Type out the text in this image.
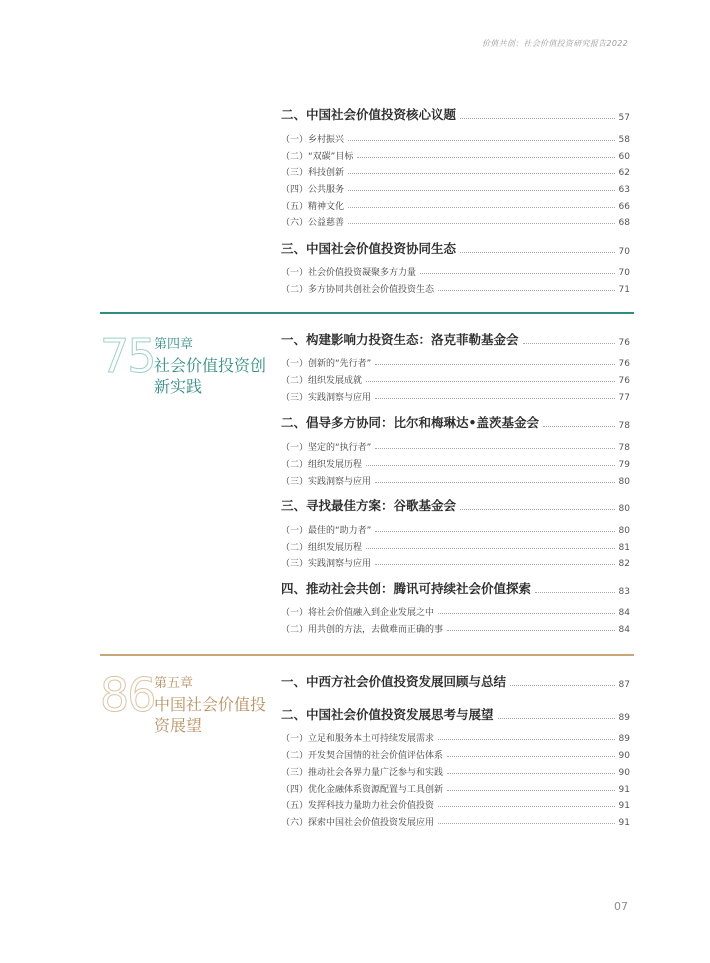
价值共创：社会价值投资研究报告2022
二、中国社会价值投资核心议题	57
（一）乡村振兴	58
（二）“双碳”目标	60
（三）科技创新	62
（四）公共服务	63
（五）精神文化	66
（六）公益慈善	68
三、中国社会价值投资协同生态	70
（一）社会价值投资凝聚多方力量	70
（二）多方协同共创社会价值投资生态	71
75 第四章
社会价值投资创新实践
一、构建影响力投资生态：洛克菲勒基金会	76
（一）创新的“先行者”	76
（二）组织发展成就	76
（三）实践洞察与应用	77
二、倡导多方协同：比尔和梅琳达•盖茨基金会	78
（一）坚定的“执行者”	78
（二）组织发展历程	79
（三）实践洞察与应用	80
三、寻找最佳方案：谷歌基金会	80
（一）最佳的“助力者”	80
（二）组织发展历程	81
（三）实践洞察与应用	82
四、推动社会共创：腾讯可持续社会价值探索	83
（一）将社会价值融入到企业发展之中	84
（二）用共创的方法，去做难而正确的事	84
86 第五章
中国社会价值投资展望
一、中西方社会价值投资发展回顾与总结	87
二、中国社会价值投资发展思考与展望	89
（一）立足和服务本土可持续发展需求	89
（二）开发契合国情的社会价值评估体系	90
（三）推动社会各界力量广泛参与和实践	90
（四）优化金融体系资源配置与工具创新	91
（五）发挥科技力量助力社会价值投资	91
（六）探索中国社会价值投资发展应用	91
07
